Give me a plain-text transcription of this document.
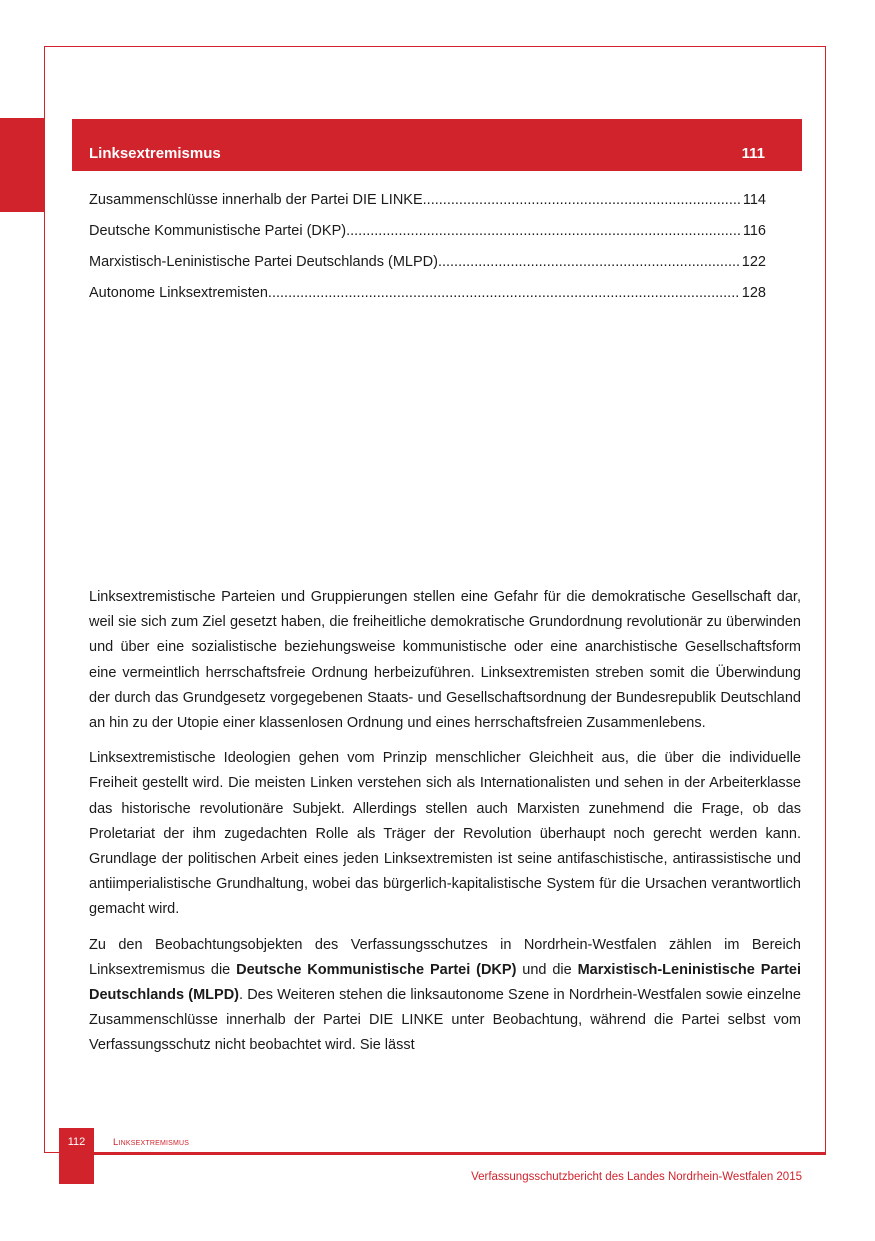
Linksextremismus	111
Zusammenschlüsse innerhalb der Partei DIE LINKE .....	114
Deutsche Kommunistische Partei (DKP) .....	116
Marxistisch-Leninistische Partei Deutschlands (MLPD) .....	122
Autonome Linksextremisten .....	128

Linksextremistische Parteien und Gruppierungen stellen eine Gefahr für die demokratische Gesellschaft dar, weil sie sich zum Ziel gesetzt haben, die freiheitliche demokratische Grundordnung revolutionär zu überwinden und über eine sozialistische beziehungsweise kommunistische oder eine anarchistische Gesellschaftsform eine vermeintlich herrschaftsfreie Ordnung herbeizuführen. Linksextremisten streben somit die Überwindung der durch das Grundgesetz vorgegebenen Staats- und Gesellschaftsordnung der Bundesrepublik Deutschland an hin zu der Utopie einer klassenlosen Ordnung und eines herrschaftsfreien Zusammenlebens.

Linksextremistische Ideologien gehen vom Prinzip menschlicher Gleichheit aus, die über die individuelle Freiheit gestellt wird. Die meisten Linken verstehen sich als Internationalisten und sehen in der Arbeiterklasse das historische revolutionäre Subjekt. Allerdings stellen auch Marxisten zunehmend die Frage, ob das Proletariat der ihm zugedachten Rolle als Träger der Revolution überhaupt noch gerecht werden kann. Grundlage der politischen Arbeit eines jeden Linksextremisten ist seine antifaschistische, antirassistische und antiimperialistische Grundhaltung, wobei das bürgerlich-kapitalistische System für die Ursachen verantwortlich gemacht wird.

Zu den Beobachtungsobjekten des Verfassungsschutzes in Nordrhein-Westfalen zählen im Bereich Linksextremismus die Deutsche Kommunistische Partei (DKP) und die Marxistisch-Leninistische Partei Deutschlands (MLPD). Des Weiteren stehen die linksautonome Szene in Nordrhein-Westfalen sowie einzelne Zusammenschlüsse innerhalb der Partei DIE LINKE unter Beobachtung, während die Partei selbst vom Verfassungsschutz nicht beobachtet wird. Sie lässt

112	Linksextremismus
Verfassungsschutzbericht des Landes Nordrhein-Westfalen 2015
